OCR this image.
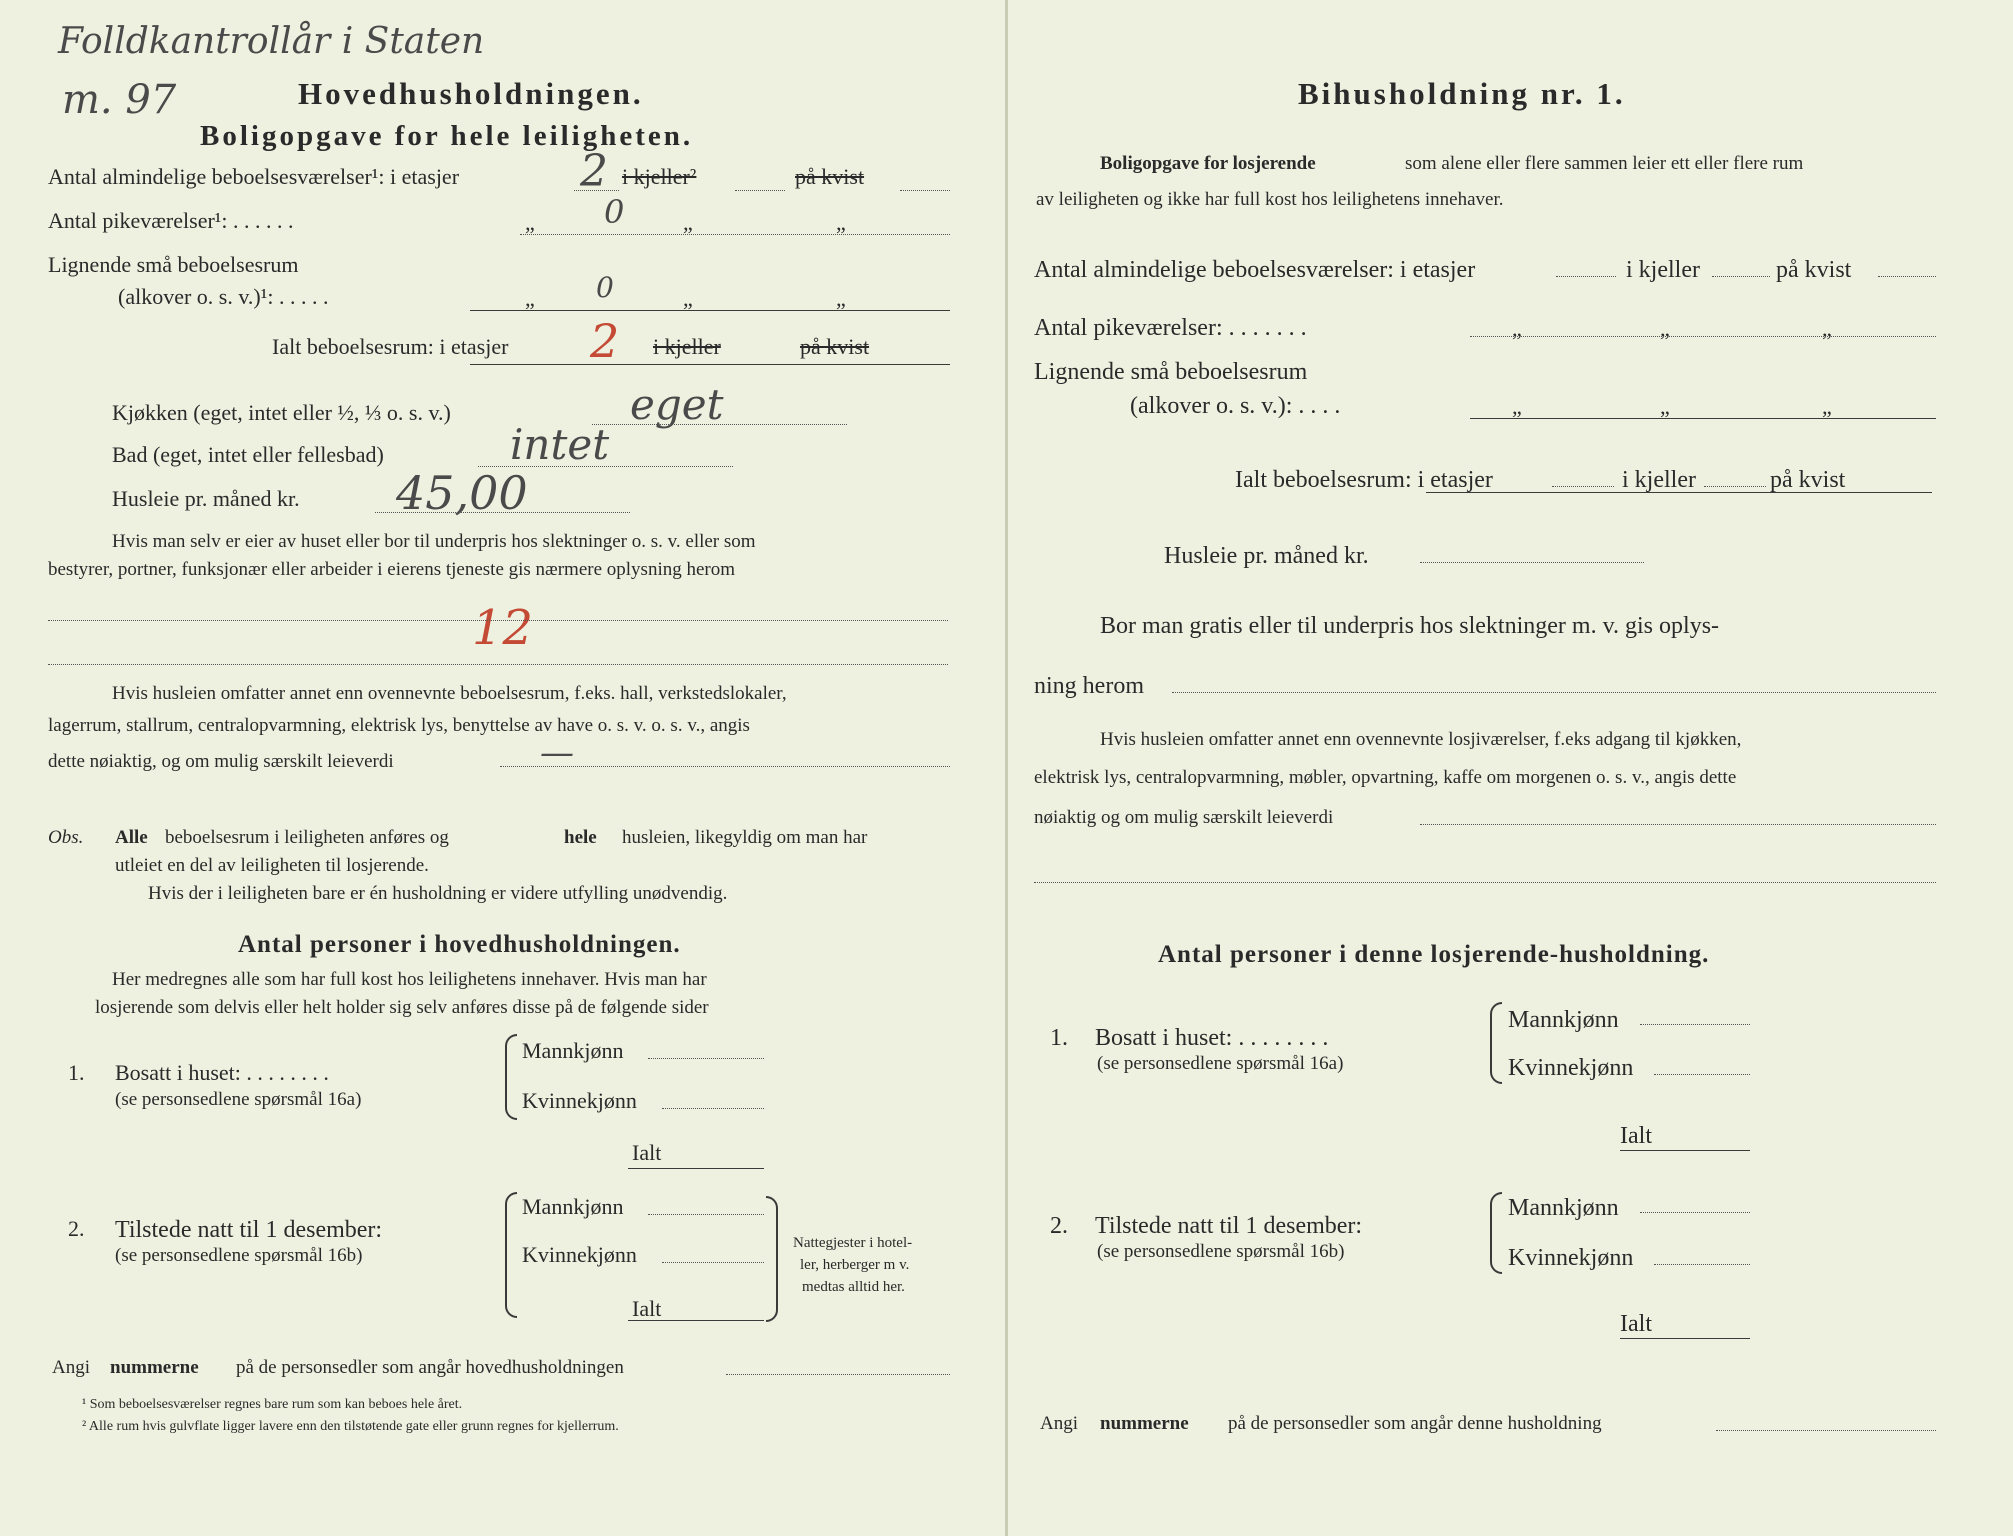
Folldkantrollår i Staten
m. 97	Hovedhusholdningen.
Boligopgave for hele leiligheten.
Antal almindelige beboelsesværelser¹: i etasjer	2 i kjeller²	på kvist
Antal pikeværelser¹: . . . . . .	„ 0	„	„
Lignende små beboelsesrum
(alkover o. s. v.)¹: . . . . .	„ 0	„	„
Ialt beboelsesrum: i etasjer 2 i kjeller	på kvist
Kjøkken (eget, intet eller ½, ⅓ o. s. v.)	eget
Bad (eget, intet eller fellesbad)	intet
Husleie pr. måned kr. 45,00
Hvis man selv er eier av huset eller bor til underpris hos slektninger o. s. v. eller som
bestyrer, portner, funksjonær eller arbeider i eierens tjeneste gis nærmere oplysning herom
12
Hvis husleien omfatter annet enn ovennevnte beboelsesrum, f.eks. hall, verkstedslokaler,
lagerrum, stallrum, centralopvarmning, elektrisk lys, benyttelse av have o. s. v. o. s. v., angis
dette nøiaktig, og om mulig særskilt leieverdi	—
Obs. Alle beboelsesrum i leiligheten anføres og	hele husleien, likegyldig om man har
utleiet en del av leiligheten til losjerende.
Hvis der i leiligheten bare er én husholdning er videre utfylling unødvendig.
Antal personer i hovedhusholdningen.
Her medregnes alle som har full kost hos leilighetens innehaver. Hvis man har
losjerende som delvis eller helt holder sig selv anføres disse på de følgende sider
1. Bosatt i huset: . . . . . . . .
(se personsedlene spørsmål 16a)
Mannkjønn
Kvinnekjønn
Ialt
2. Tilstede natt til 1 desember:
(se personsedlene spørsmål 16b)
Mannkjønn
Kvinnekjønn
Ialt
Nattegjester i hotel-
ler, herberger m v.
medtas alltid her.
Angi nummerne på de personsedler som angår hovedhusholdningen
¹ Som beboelsesværelser regnes bare rum som kan beboes hele året.
² Alle rum hvis gulvflate ligger lavere enn den tilstøtende gate eller grunn regnes for kjellerrum.
Bihusholdning nr. 1.
Boligopgave for losjerende	som alene eller flere sammen leier ett eller flere rum
av leiligheten og ikke har full kost hos leilighetens innehaver.
Antal almindelige beboelsesværelser: i etasjer	i kjeller	på kvist
Antal pikeværelser: . . . . . . .	„	„	„
Lignende små beboelsesrum
(alkover o. s. v.): . . . .	„	„	„
Ialt beboelsesrum: i etasjer	i kjeller	på kvist
Husleie pr. måned kr.
Bor man gratis eller til underpris hos slektninger m. v. gis oplys-
ning herom
Hvis husleien omfatter annet enn ovennevnte losjiværelser, f.eks adgang til kjøkken,
elektrisk lys, centralopvarmning, møbler, opvartning, kaffe om morgenen o. s. v., angis dette
nøiaktig og om mulig særskilt leieverdi
Antal personer i denne losjerende-husholdning.
1. Bosatt i huset: . . . . . . . .
(se personsedlene spørsmål 16a)
Mannkjønn
Kvinnekjønn
Ialt
2. Tilstede natt til 1 desember:
(se personsedlene spørsmål 16b)
Mannkjønn
Kvinnekjønn
Ialt
Angi nummerne på de personsedler som angår denne husholdning
